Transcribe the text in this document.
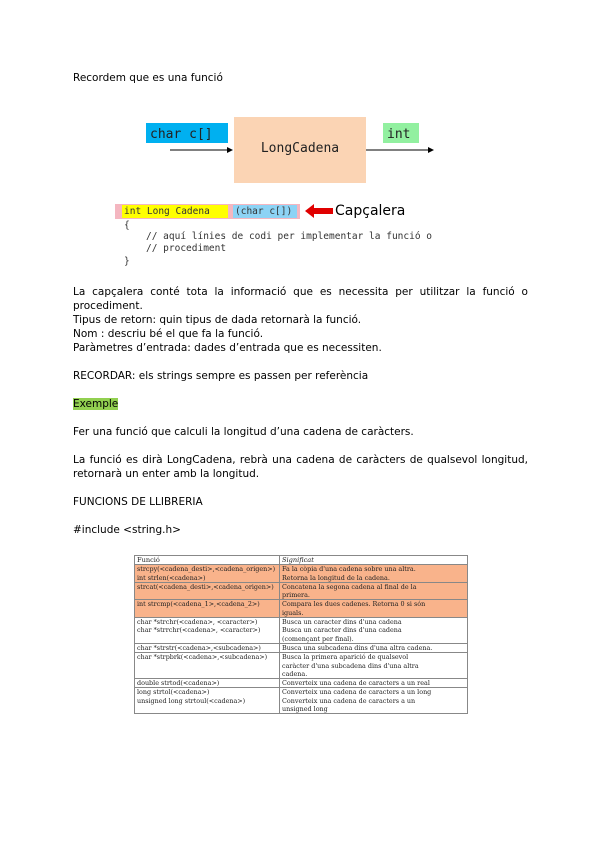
Recordem que es una funció

char c[]
LongCadena
int
int Long Cadena	(char c[])	Capçalera
{
// aquí línies de codi per implementar la funció o
// procediment
}

La capçalera conté tota la informació que es necessita per utilitzar la funció o procediment.

Tipus de retorn: quin tipus de dada retornarà la funció.

Nom : descriu bé el que fa la funció.

Paràmetres d’entrada: dades d’entrada que es necessiten.

RECORDAR: els strings sempre es passen per referència

Exemple

Fer una funció que calculi la longitud d’una cadena de caràcters.

La funció es dirà LongCadena, rebrà una cadena de caràcters de qualsevol longitud,

retornarà un enter amb la longitud.

FUNCIONS DE LLIBRERIA

#include <string.h>

Funció	Significat

strcpy(<cadena_desti>,<cadena_origen>)
int strlen(<cadena>)	Fa la còpia d'una cadena sobre una altra.
Retorna la longitud de la cadena.

strcat(<cadena_desti>,<cadena_origen>)	Concatena la segona cadena al final de la
primera.

int strcmp(<cadena_1>,<cadena_2>)	Compara les dues cadenes. Retorna 0 si són
iguals.

char *strchr(<cadena>, <caracter>)
char *strrchr(<cadena>, <caracter>)	Busca un caracter dins d'una cadena
Busca un caracter dins d'una cadena
(començant per final).

char *strstr(<cadena>,<subcadena>)	Busca una subcadena dins d'una altra cadena.

char *strpbrk(<cadena>,<subcadena>)	Busca la primera aparició de qualsevol
caràcter d'una subcadena dins d'una altra
cadena.

double strtod(<cadena>)	Converteix una cadena de caracters a un real

long strtol(<cadena>)
unsigned long strtoul(<cadena>)	Converteix una cadena de caracters a un long
Converteix una cadena de caracters a un
unsigned long
